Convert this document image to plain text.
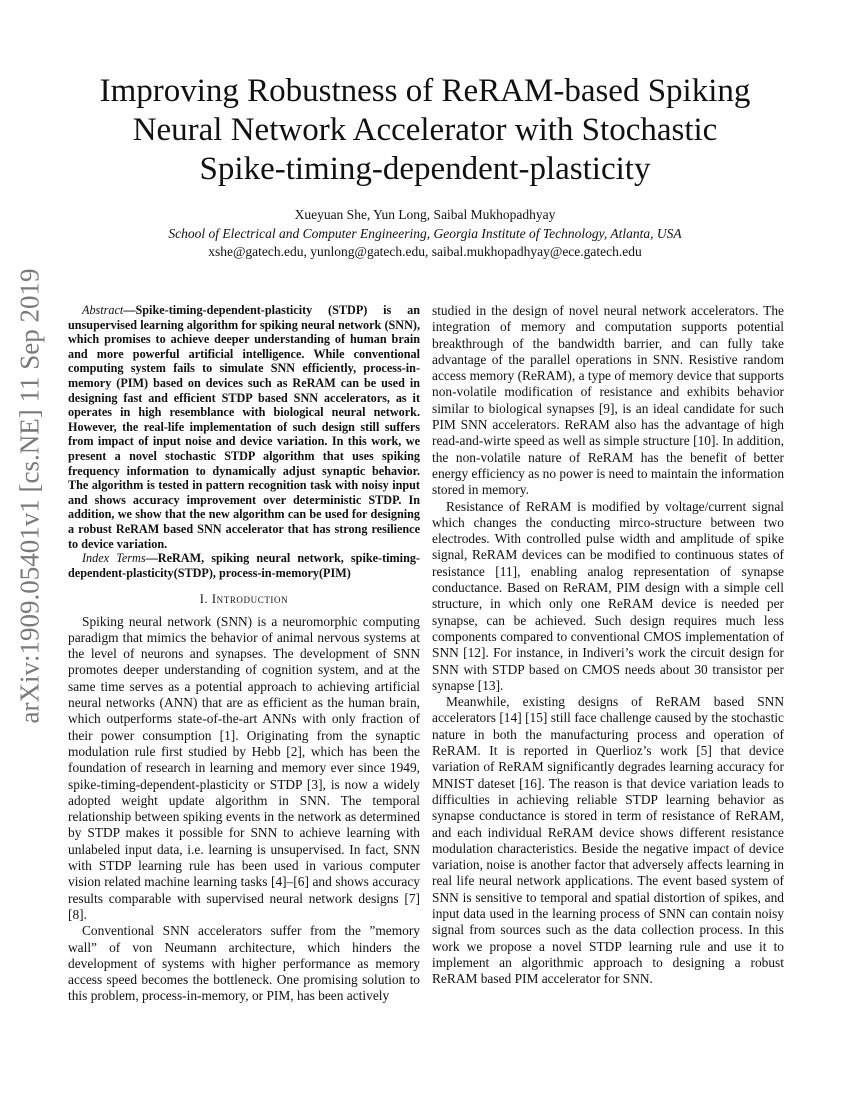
arXiv:1909.05401v1 [cs.NE] 11 Sep 2019
Improving Robustness of ReRAM-based Spiking
Neural Network Accelerator with Stochastic
Spike-timing-dependent-plasticity
Xueyuan She, Yun Long, Saibal Mukhopadhyay
School of Electrical and Computer Engineering, Georgia Institute of Technology, Atlanta, USA
xshe@gatech.edu, yunlong@gatech.edu, saibal.mukhopadhyay@ece.gatech.edu

Abstract—Spike-timing-dependent-plasticity (STDP) is an unsupervised learning algorithm for spiking neural network (SNN), which promises to achieve deeper understanding of human brain and more powerful artificial intelligence. While conventional computing system fails to simulate SNN efficiently, process-in-memory (PIM) based on devices such as ReRAM can be used in designing fast and efficient STDP based SNN accelerators, as it operates in high resemblance with biological neural network. However, the real-life implementation of such design still suffers from impact of input noise and device variation. In this work, we present a novel stochastic STDP algorithm that uses spiking frequency information to dynamically adjust synaptic behavior. The algorithm is tested in pattern recognition task with noisy input and shows accuracy improvement over deterministic STDP. In addition, we show that the new algorithm can be used for designing a robust ReRAM based SNN accelerator that has strong resilience to device variation.

Index Terms—ReRAM, spiking neural network, spike-timing-dependent-plasticity(STDP), process-in-memory(PIM)

I. Introduction

Spiking neural network (SNN) is a neuromorphic computing paradigm that mimics the behavior of animal nervous systems at the level of neurons and synapses. The development of SNN promotes deeper understanding of cognition system, and at the same time serves as a potential approach to achieving artificial neural networks (ANN) that are as efficient as the human brain, which outperforms state-of-the-art ANNs with only fraction of their power consumption [1]. Originating from the synaptic modulation rule first studied by Hebb [2], which has been the foundation of research in learning and memory ever since 1949, spike-timing-dependent-plasticity or STDP [3], is now a widely adopted weight update algorithm in SNN. The temporal relationship between spiking events in the network as determined by STDP makes it possible for SNN to achieve learning with unlabeled input data, i.e. learning is unsupervised. In fact, SNN with STDP learning rule has been used in various computer vision related machine learning tasks [4]–[6] and shows accuracy results comparable with supervised neural network designs [7] [8].

Conventional SNN accelerators suffer from the ”memory wall” of von Neumann architecture, which hinders the development of systems with higher performance as memory access speed becomes the bottleneck. One promising solution to this problem, process-in-memory, or PIM, has been actively

studied in the design of novel neural network accelerators. The integration of memory and computation supports potential breakthrough of the bandwidth barrier, and can fully take advantage of the parallel operations in SNN. Resistive random access memory (ReRAM), a type of memory device that supports non-volatile modification of resistance and exhibits behavior similar to biological synapses [9], is an ideal candidate for such PIM SNN accelerators. ReRAM also has the advantage of high read-and-wirte speed as well as simple structure [10]. In addition, the non-volatile nature of ReRAM has the benefit of better energy efficiency as no power is need to maintain the information stored in memory.

Resistance of ReRAM is modified by voltage/current signal which changes the conducting mirco-structure between two electrodes. With controlled pulse width and amplitude of spike signal, ReRAM devices can be modified to continuous states of resistance [11], enabling analog representation of synapse conductance. Based on ReRAM, PIM design with a simple cell structure, in which only one ReRAM device is needed per synapse, can be achieved. Such design requires much less components compared to conventional CMOS implementation of SNN [12]. For instance, in Indiveri’s work the circuit design for SNN with STDP based on CMOS needs about 30 transistor per synapse [13].

Meanwhile, existing designs of ReRAM based SNN accelerators [14] [15] still face challenge caused by the stochastic nature in both the manufacturing process and operation of ReRAM. It is reported in Querlioz’s work [5] that device variation of ReRAM significantly degrades learning accuracy for MNIST dateset [16]. The reason is that device variation leads to difficulties in achieving reliable STDP learning behavior as synapse conductance is stored in term of resistance of ReRAM, and each individual ReRAM device shows different resistance modulation characteristics. Beside the negative impact of device variation, noise is another factor that adversely affects learning in real life neural network applications. The event based system of SNN is sensitive to temporal and spatial distortion of spikes, and input data used in the learning process of SNN can contain noisy signal from sources such as the data collection process. In this work we propose a novel STDP learning rule and use it to implement an algorithmic approach to designing a robust ReRAM based PIM accelerator for SNN.
